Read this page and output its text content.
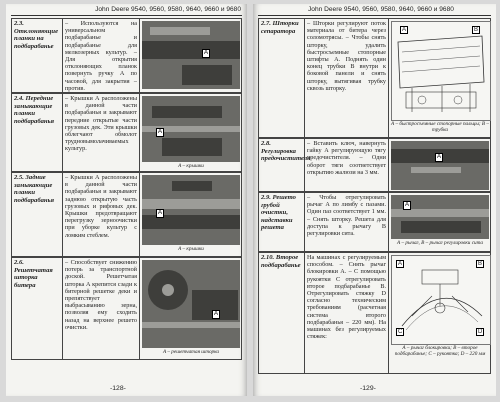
John Deere 9540, 9560, 9580, 9640, 9660 и 9680
2.3. Отклоняющие планки на подбарабанье
– Используются на универсальном подбарабанье и подбарабанье для мелкозерных культур. – Для открытия отклоняющих планок повернуть ручку А по часовой, для закрытия – против.
А
2.4. Передние замыкающие планки подбарабанья
– Крышки А расположены в данной части подбарабанья и закрывают передние открытые части грузовых дек. Эти крышки облегчают обмолот трудновымолачиваемых культур.
А
А – крышки
2.5. Задние замыкающие планки подбарабанья
– Крышки А расположены в данной части подбарабанья и закрывают заднюю открытую часть грузовых и рифовых дек. Крышки предотвращают перегрузку зерноочистки при уборке культур с ломким стеблем.
А
А – крышки
2.6. Решетчатая шторка битера
– Способствует снижению потерь за транспортной доской. Решетчатая шторка А крепится сзади к битерной решетке деки и препятствует выбрасыванию зерна, позволяя ему сходить назад на верхнее решето очистки.
А
А – решетчатая шторка
-128-
John Deere 9540, 9560, 9580, 9640, 9660 и 9680
2.7. Шторки сепаратора
– Шторки регулируют поток материала от битера через соломотрясы. – Чтобы снять шторку, удалить быстросъемные стопорные штифты А. Поднять один конец трубки В внутри к боковой панели и снять шторку, вытягивая трубку сквозь шторку.
А	В
А – быстросъемные стопорные пальцы; В – трубка
2.8. Регулировка предочистителя
– Вставить ключ, навернуть гайку А регулирующую тягу предочистителя. – Одни оборот тяги соответствует открытию жалюзи на 3 мм.
А
2.9. Решето грубой очистки, надставки решета
– Чтобы отрегулировать рычаг А по лимбу с пазами. Один паз соответствует 1 мм. – Снять шторку. Решета для доступа к рычагу В регулировки сита.
А
А – рычаг, В – рычаг регулировки сита
2.10. Второе подбарабанье
На машинах с регулируемым способом. – Снять рычаг блокировки А. – С помощью рукоятки С отрегулировать второе подбарабанье В. Отрегулировать стяжку D согласно техническим требованиям (расчетная система второго подбарабанья – 220 мм). На машинах без регулируемых стяжек:
А	В
С	D
А – рычаг блокировки; В – второе подбарабанье; С – рукоятка; D – 220 мм
-129-
